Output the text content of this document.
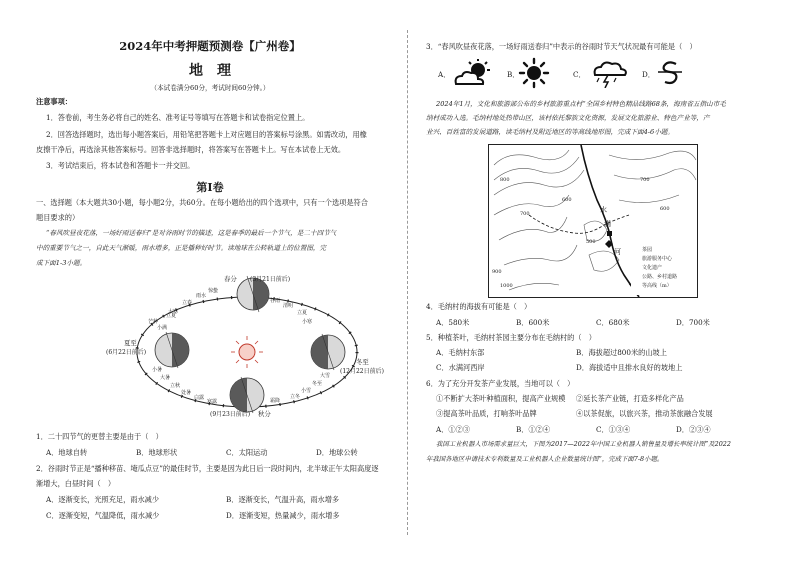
2024年中考押题预测卷【广州卷】
地　理
（本试卷满分60分，考试时间60分钟。）
注意事项：
1．答卷前，考生务必将自己的姓名、准考证号等填写在答题卡和试卷指定位置上。
2．回答选择题时，选出每小题答案后，用铅笔把答题卡上对应题目的答案标号涂黑。如需改动，用橡
皮擦干净后，再选涂其他答案标号。回答非选择题时，将答案写在答题卡上。写在本试卷上无效。
3．考试结束后，将本试卷和答题卡一并交回。
第Ⅰ卷
一、选择题（本大题共30小题，每小题2分，共60分。在每小题给出的四个选项中，只有一个选项是符合
题目要求的）
“春风吹昼夜花落，一场好雨送春归”是对谷雨时节的描述，这是春季的最后一个节气，是二十四节气
中的重要节气之一，自此天气渐暖，雨水增多，正是播种好时节。读地球在公转轨道上的位置图，完
成下面1-3小题。
春分 (3月21日前后)
夏至
(6月22日前后)
冬至
(12月22日前后)
(9月23日前后) 秋分
惊蛰
雨水
立春	谷雨
清明
立夏
大寒
芒种
小满
立夏
小暑
大暑
立秋
小寒
大雪
冬至
小雪
立冬
处暑
白露
寒露	霜降
1．二十四节气的更替主要是由于（　）
A．地球自转	B．地球形状	C．太阳运动	D．地球公转
2．谷雨时节正是“播种移苗、埯瓜点豆”的最佳时节，主要是因为此日后一段时间内，北半球正午太阳高度逐
渐增大，白昼时间（　）
A．逐渐变长，光照充足，雨水减少	B．逐渐变长，气温升高，雨水增多
C．逐渐变短，气温降低，雨水减少	D．逐渐变短，热量减少，雨水增多
3．“春风吹昼夜花落，一场好雨送春归”中表示的谷雨时节天气状况最有可能是（　）
A．	B．	C．	D．
2024年1月，文化和旅游部公布的乡村旅游重点村“全国乡村特色精品线路68条，海南省五指山市毛
纳村成功入选。毛纳村地处热带山区，该村依托黎族文化资源，发展文化旅游业、特色产业等，产
业兴、百姓富的发展道路，读毛纳村及附近地区的等高线地形图，完成下面4-6小题。
水
满
河
800
700
600
500
700
600
900
1000
茶园
旅游服务中心
文化遗产
公路、乡村道路
等高线（m）
4．毛纳村的海拔有可能是（　）
A．580米	B．600米	C．680米	D．700米
5．种植茶叶，毛纳村茶园主要分布在毛纳村的（　）
A．毛纳村东部	B．海拔超过800米的山坡上
C．水满河西岸	D．海拔适中且排水良好的坡地上
6．为了充分开发茶产业发展，当地可以（　）
①不断扩大茶叶种植面积，提高产业规模 ②延长茶产业链，打造多样化产品
③提高茶叶品质，打响茶叶品牌	④以茶促旅，以旅兴茶，推动茶旅融合发展
A．①②③	B．①②④	C．①③④	D．②③④
我国工业机器人市场需求量巨大，下图为2017—2022年中国工业机器人销售量及增长率统计图”及2022
年我国各地区申请技术专利数量及工业机器人企业数量统计图”，完成下面7-8小题。
